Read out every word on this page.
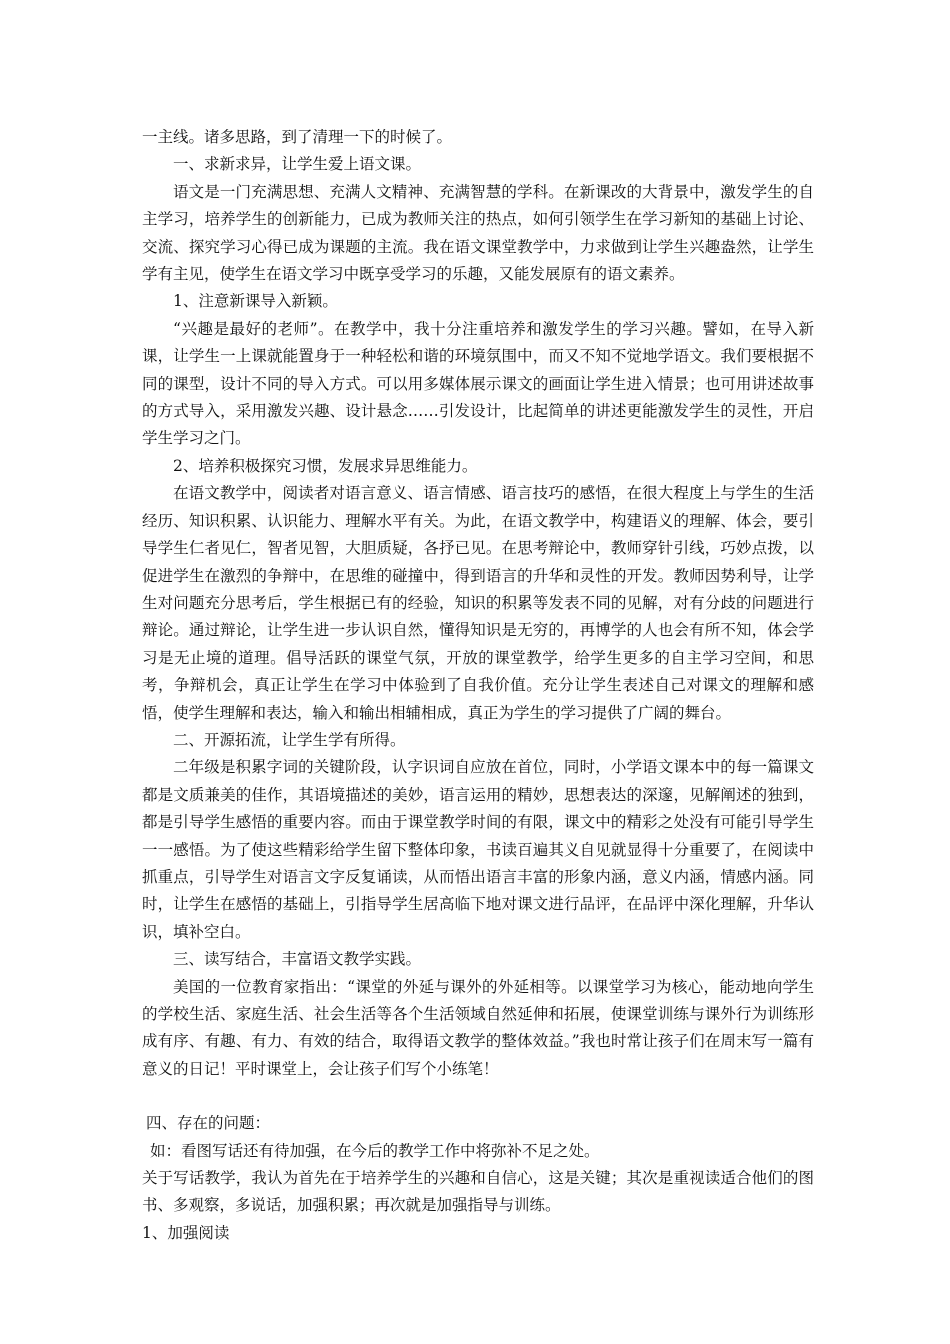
一主线。诸多思路，到了清理一下的时候了。

一、求新求异，让学生爱上语文课。

语文是一门充满思想、充满人文精神、充满智慧的学科。在新课改的大背景中，激发学生的自主学习，培养学生的创新能力，已成为教师关注的热点，如何引领学生在学习新知的基础上讨论、交流、探究学习心得已成为课题的主流。我在语文课堂教学中，力求做到让学生兴趣盎然，让学生学有主见，使学生在语文学习中既享受学习的乐趣，又能发展原有的语文素养。

1、注意新课导入新颖。

“兴趣是最好的老师”。在教学中，我十分注重培养和激发学生的学习兴趣。譬如，在导入新课，让学生一上课就能置身于一种轻松和谐的环境氛围中，而又不知不觉地学语文。我们要根据不同的课型，设计不同的导入方式。可以用多媒体展示课文的画面让学生进入情景；也可用讲述故事的方式导入，采用激发兴趣、设计悬念……引发设计，比起简单的讲述更能激发学生的灵性，开启学生学习之门。

2、培养积极探究习惯，发展求异思维能力。

在语文教学中，阅读者对语言意义、语言情感、语言技巧的感悟，在很大程度上与学生的生活经历、知识积累、认识能力、理解水平有关。为此，在语文教学中，构建语义的理解、体会，要引导学生仁者见仁，智者见智，大胆质疑，各抒已见。在思考辩论中，教师穿针引线，巧妙点拨，以促进学生在激烈的争辩中，在思维的碰撞中，得到语言的升华和灵性的开发。教师因势利导，让学生对问题充分思考后，学生根据已有的经验，知识的积累等发表不同的见解，对有分歧的问题进行辩论。通过辩论，让学生进一步认识自然，懂得知识是无穷的，再博学的人也会有所不知，体会学习是无止境的道理。倡导活跃的课堂气氛，开放的课堂教学，给学生更多的自主学习空间，和思考，争辩机会，真正让学生在学习中体验到了自我价值。充分让学生表述自己对课文的理解和感悟，使学生理解和表达，输入和输出相辅相成，真正为学生的学习提供了广阔的舞台。

二、开源拓流，让学生学有所得。

二年级是积累字词的关键阶段，认字识词自应放在首位，同时，小学语文课本中的每一篇课文都是文质兼美的佳作，其语境描述的美妙，语言运用的精妙，思想表达的深邃，见解阐述的独到，都是引导学生感悟的重要内容。而由于课堂教学时间的有限，课文中的精彩之处没有可能引导学生一一感悟。为了使这些精彩给学生留下整体印象，书读百遍其义自见就显得十分重要了，在阅读中抓重点，引导学生对语言文字反复诵读，从而悟出语言丰富的形象内涵，意义内涵，情感内涵。同时，让学生在感悟的基础上，引指导学生居高临下地对课文进行品评，在品评中深化理解，升华认识，填补空白。

三、读写结合，丰富语文教学实践。

美国的一位教育家指出：“课堂的外延与课外的外延相等。以课堂学习为核心，能动地向学生的学校生活、家庭生活、社会生活等各个生活领域自然延伸和拓展，使课堂训练与课外行为训练形成有序、有趣、有力、有效的结合，取得语文教学的整体效益。”我也时常让孩子们在周末写一篇有意义的日记！平时课堂上，会让孩子们写个小练笔！

四、存在的问题：

如：看图写话还有待加强，在今后的教学工作中将弥补不足之处。

关于写话教学，我认为首先在于培养学生的兴趣和自信心，这是关键；其次是重视读适合他们的图书、多观察，多说话，加强积累；再次就是加强指导与训练。

1、加强阅读
